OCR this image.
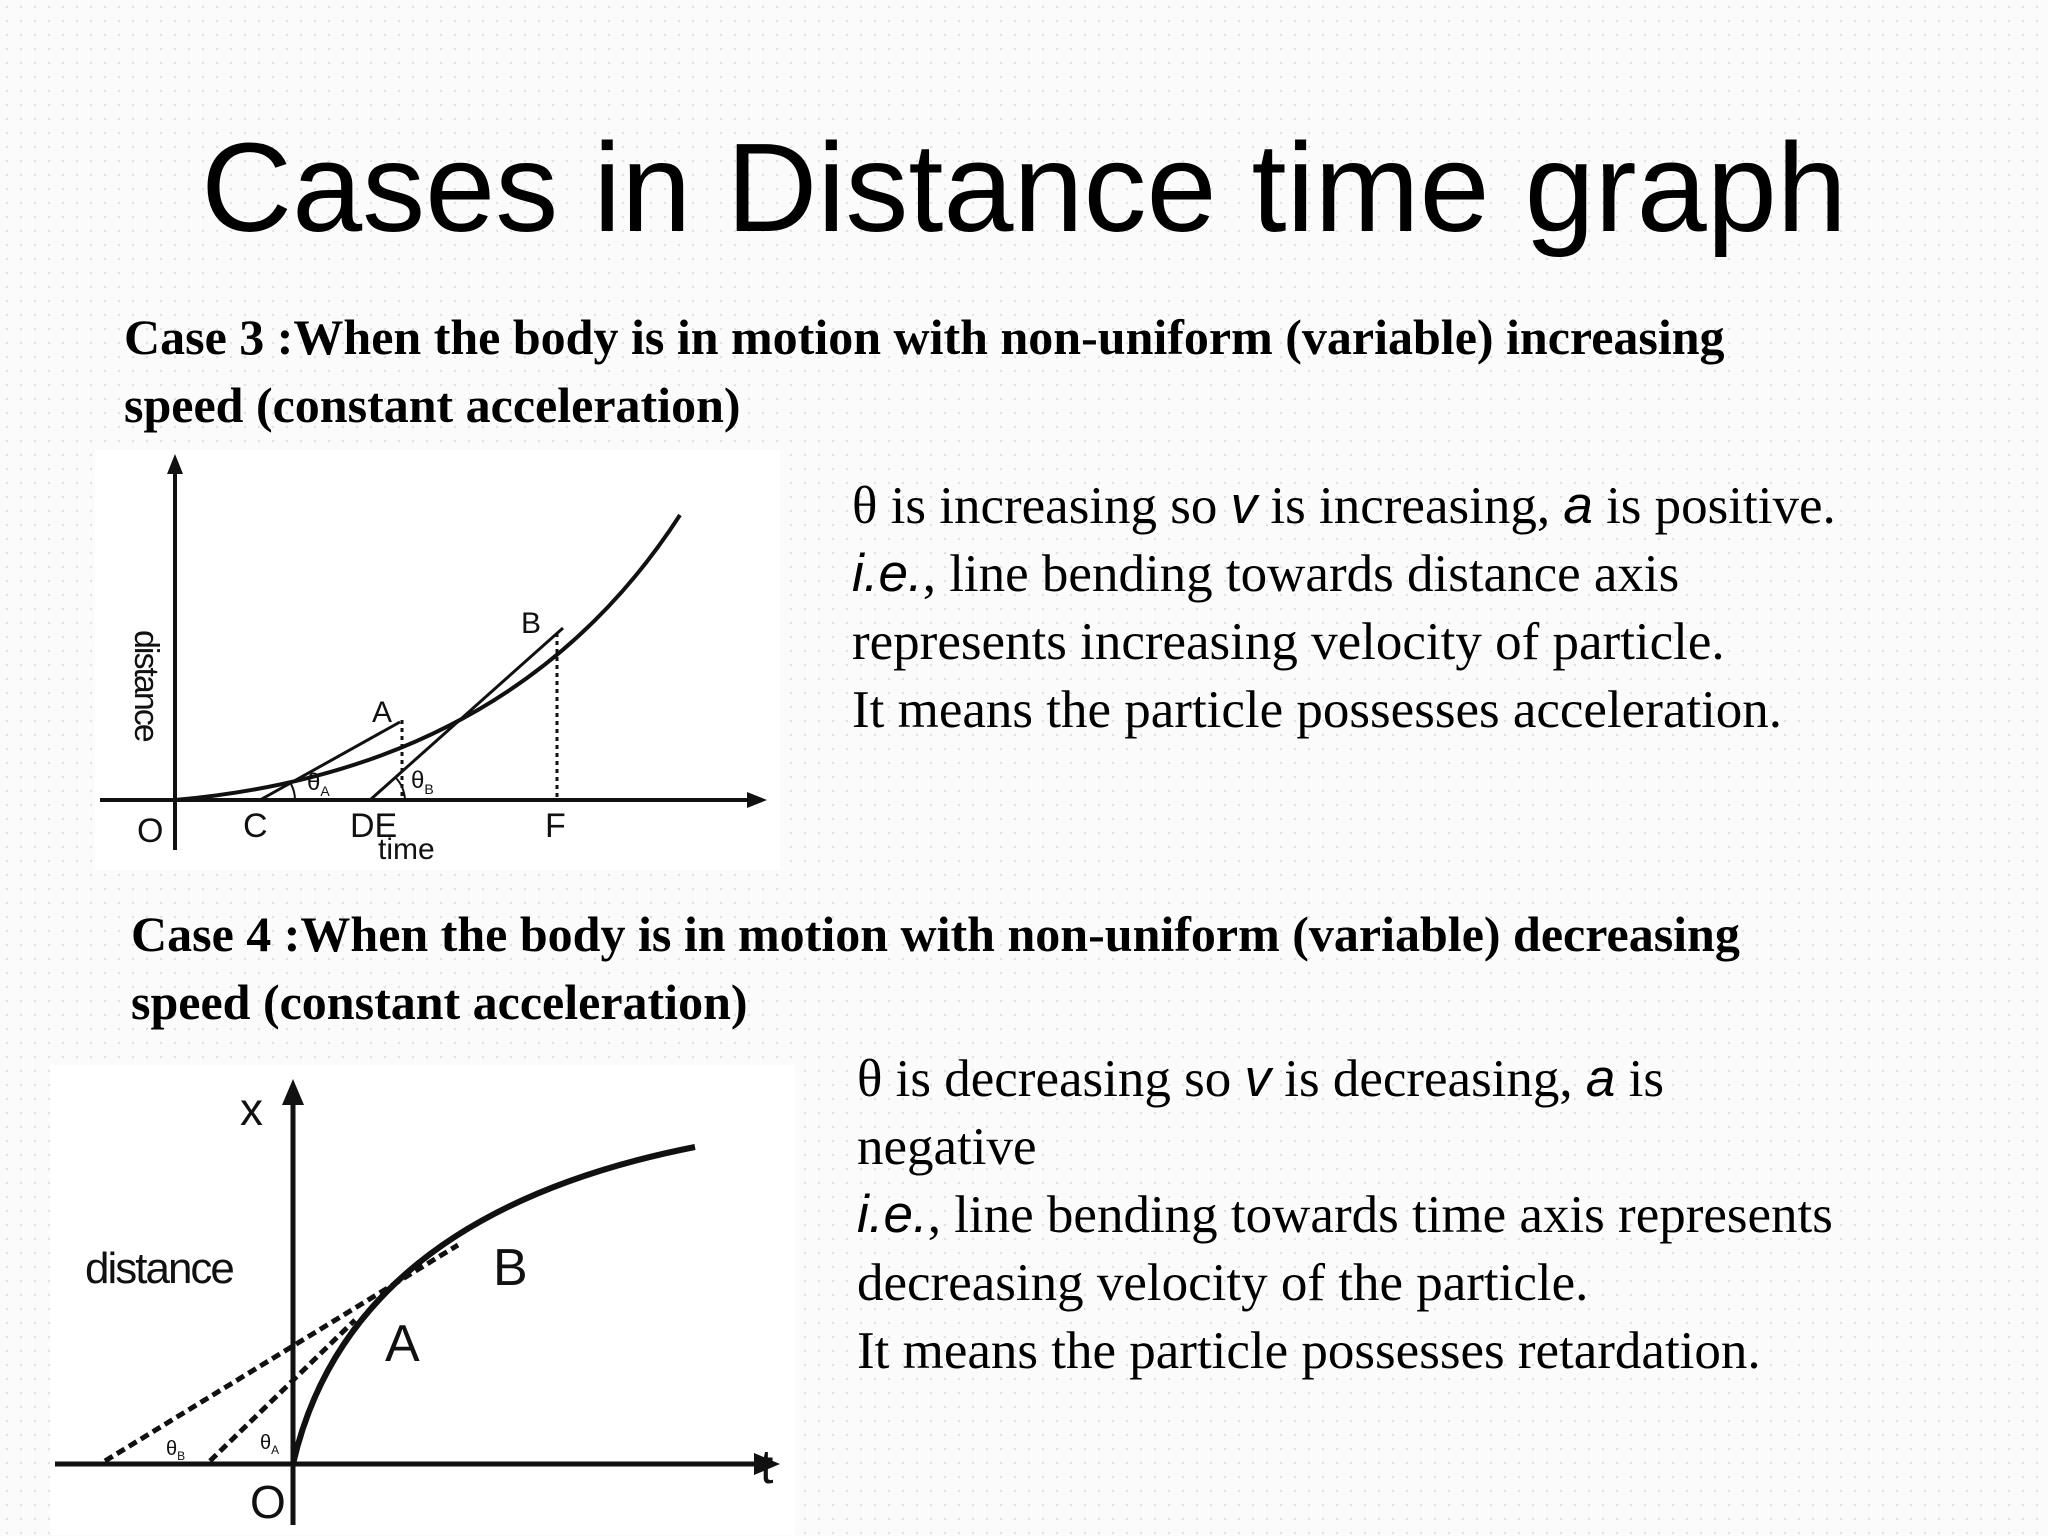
Cases in Distance time graph
Case 3 :When the body is in motion with non-uniform (variable) increasing
speed (constant acceleration)
distance
O C DE	F
time
A
B
$\theta_A$	$\theta_B$
θ is increasing so v is increasing, a is positive.
i.e., line bending towards distance axis
represents increasing velocity of particle.
It means the particle possesses acceleration.
Case 4 :When the body is in motion with non-uniform (variable) decreasing
speed (constant acceleration)
x
distance
t
O
A
B
$\theta_B$
$\theta_A$
θ is decreasing so v is decreasing, a is
negative
i.e., line bending towards time axis represents
decreasing velocity of the particle.
It means the particle possesses retardation.
